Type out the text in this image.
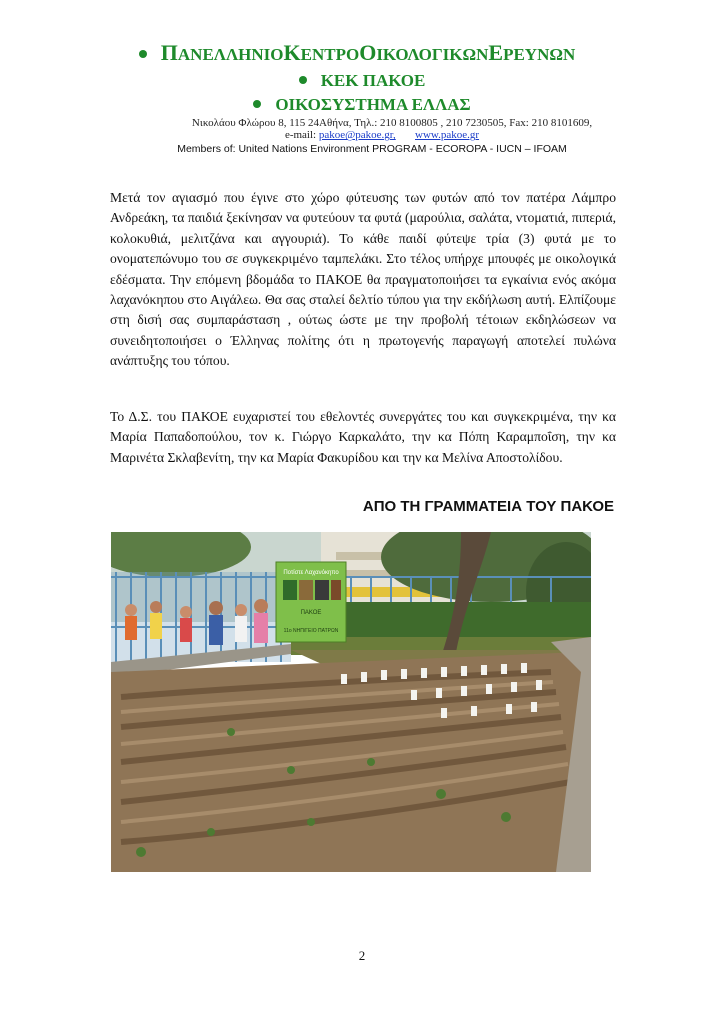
ΠΑΝΕΛΛΗΝΙΟΚΕΝΤΡΟΟΙΚΟΛΟΓΙΚΩΝΕΡΕΥΝΩΝ
ΚΕΚ ΠΑΚΟΕ
ΟΙΚΟΣΥΣΤΗΜΑ ΕΛΛΑΣ
Νικολάου Φλώρου 8, 115 24Αθήνα, Τηλ.: 210 8100805 , 210 7230505, Fax: 210 8101609,
e-mail: pakoe@pakoe.gr, www.pakoe.gr
Members of: United Nations Environment PROGRAM - ECOROPA - IUCN – IFOAM
Μετά τον αγιασμό που έγινε στο χώρο φύτευσης των φυτών από τον πατέρα Λάμπρο Ανδρεάκη, τα παιδιά ξεκίνησαν να φυτεύουν τα φυτά (μαρούλια, σαλάτα, ντοματιά, πιπεριά, κολοκυθιά, μελιτζάνα και αγγουριά). Το κάθε παιδί φύτεψε τρία (3) φυτά με το ονοματεπώνυμο του σε συγκεκριμένο ταμπελάκι. Στο τέλος υπήρχε μπουφές με οικολογικά εδέσματα. Την επόμενη βδομάδα το ΠΑΚΟΕ θα πραγματοποιήσει τα εγκαίνια ενός ακόμα λαχανόκηπου στο Αιγάλεω. Θα σας σταλεί δελτίο τύπου για την εκδήλωση αυτή. Ελπίζουμε στη δισή σας συμπαράσταση , ούτως ώστε με την προβολή τέτοιων εκδηλώσεων να συνειδητοποιήσει ο Έλληνας πολίτης ότι η πρωτογενής παραγωγή αποτελεί πυλώνα ανάπτυξης του τόπου.
Το Δ.Σ. του ΠΑΚΟΕ ευχαριστεί του εθελοντές συνεργάτες του και συγκεκριμένα, την κα Μαρία Παπαδοπούλου, τον κ. Γιώργο Καρκαλάτο, την κα Πόπη Καραμποΐση, την κα Μαρινέτα Σκλαβενίτη, την κα Μαρία Φακυρίδου και την κα Μελίνα Αποστολίδου.
ΑΠΟ ΤΗ ΓΡΑΜΜΑΤΕΙΑ ΤΟΥ ΠΑΚΟΕ
Ποτίστε Λαχανόκηπο
ΠΑΚΟΕ
11ο ΝΗΠ/ΓΕΙΟ ΠΑΤΡΩΝ
2
